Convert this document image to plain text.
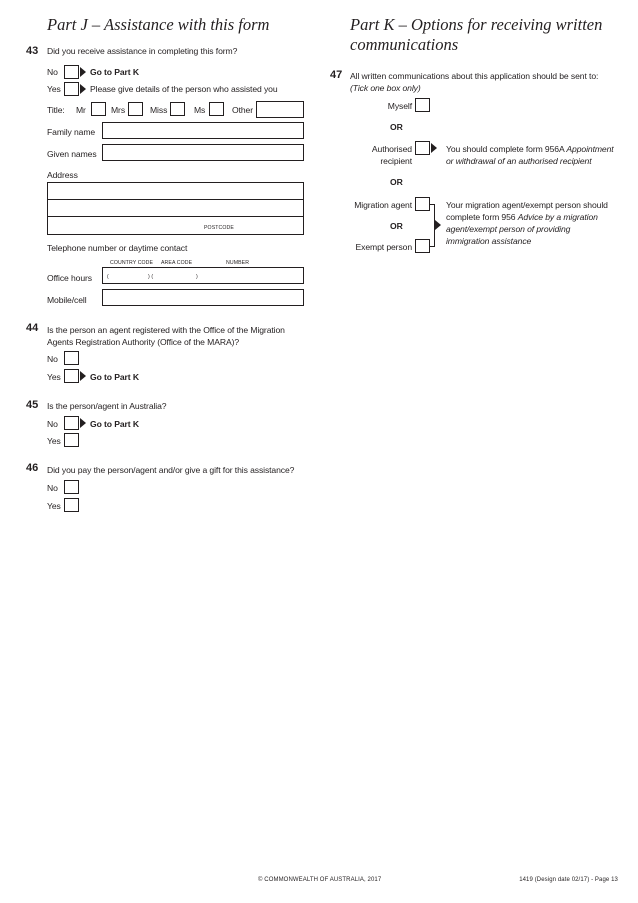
Part J – Assistance with this form
43 Did you receive assistance in completing this form?
No	Go to Part K
Yes	Please give details of the person who assisted you
Title: Mr	Mrs	Miss	Ms	Other
Family name
Given names
Address
POSTCODE
Telephone number or daytime contact
COUNTRY CODE AREA CODE	NUMBER
Office hours	(	) (	)
Mobile/cell
44 Is the person an agent registered with the Office of the Migration
Agents Registration Authority (Office of the MARA)?
No
Yes	Go to Part K
45 Is the person/agent in Australia?
No	Go to Part K
Yes
46 Did you pay the person/agent and/or give a gift for this assistance?
No
Yes
Part K – Options for receiving written
communications
47 All written communications about this application should be sent to:
(Tick one box only)
Myself
OR
Authorised
recipient
You should complete form 956A Appointment
or withdrawal of an authorised recipient
OR
Migration agent
OR
Exempt person
Your migration agent/exempt person should
complete form 956 Advice by a migration
agent/exempt person of providing
immigration assistance
© COMMONWEALTH OF AUSTRALIA, 2017	1419 (Design date 02/17) - Page 13
